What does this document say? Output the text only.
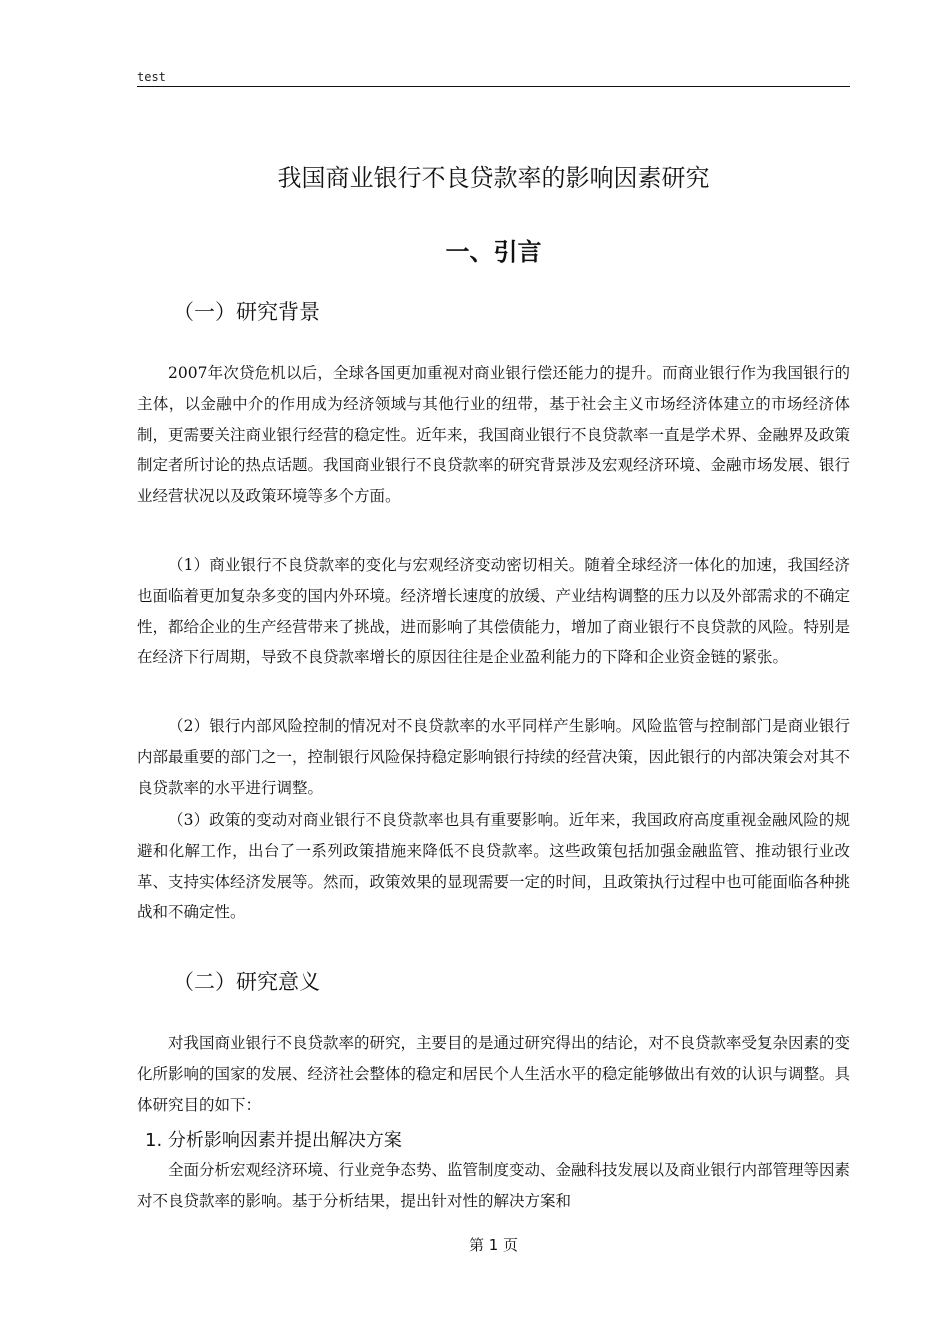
test
我国商业银行不良贷款率的影响因素研究
一、引言
（一）研究背景

2007年次贷危机以后，全球各国更加重视对商业银行偿还能力的提升。而商业银行作为我国银行的主体，以金融中介的作用成为经济领域与其他行业的纽带，基于社会主义市场经济体建立的市场经济体制，更需要关注商业银行经营的稳定性。近年来，我国商业银行不良贷款率一直是学术界、金融界及政策制定者所讨论的热点话题。我国商业银行不良贷款率的研究背景涉及宏观经济环境、金融市场发展、银行业经营状况以及政策环境等多个方面。

（1）商业银行不良贷款率的变化与宏观经济变动密切相关。随着全球经济一体化的加速，我国经济也面临着更加复杂多变的国内外环境。经济增长速度的放缓、产业结构调整的压力以及外部需求的不确定性，都给企业的生产经营带来了挑战，进而影响了其偿债能力，增加了商业银行不良贷款的风险。特别是在经济下行周期，导致不良贷款率增长的原因往往是企业盈利能力的下降和企业资金链的紧张。

（2）银行内部风险控制的情况对不良贷款率的水平同样产生影响。风险监管与控制部门是商业银行内部最重要的部门之一，控制银行风险保持稳定影响银行持续的经营决策，因此银行的内部决策会对其不良贷款率的水平进行调整。

（3）政策的变动对商业银行不良贷款率也具有重要影响。近年来，我国政府高度重视金融风险的规避和化解工作，出台了一系列政策措施来降低不良贷款率。这些政策包括加强金融监管、推动银行业改革、支持实体经济发展等。然而，政策效果的显现需要一定的时间，且政策执行过程中也可能面临各种挑战和不确定性。

（二）研究意义

对我国商业银行不良贷款率的研究，主要目的是通过研究得出的结论，对不良贷款率受复杂因素的变化所影响的国家的发展、经济社会整体的稳定和居民个人生活水平的稳定能够做出有效的认识与调整。具体研究目的如下：

1. 分析影响因素并提出解决方案

全面分析宏观经济环境、行业竞争态势、监管制度变动、金融科技发展以及商业银行内部管理等因素对不良贷款率的影响。基于分析结果，提出针对性的解决方案和

第 1 页
